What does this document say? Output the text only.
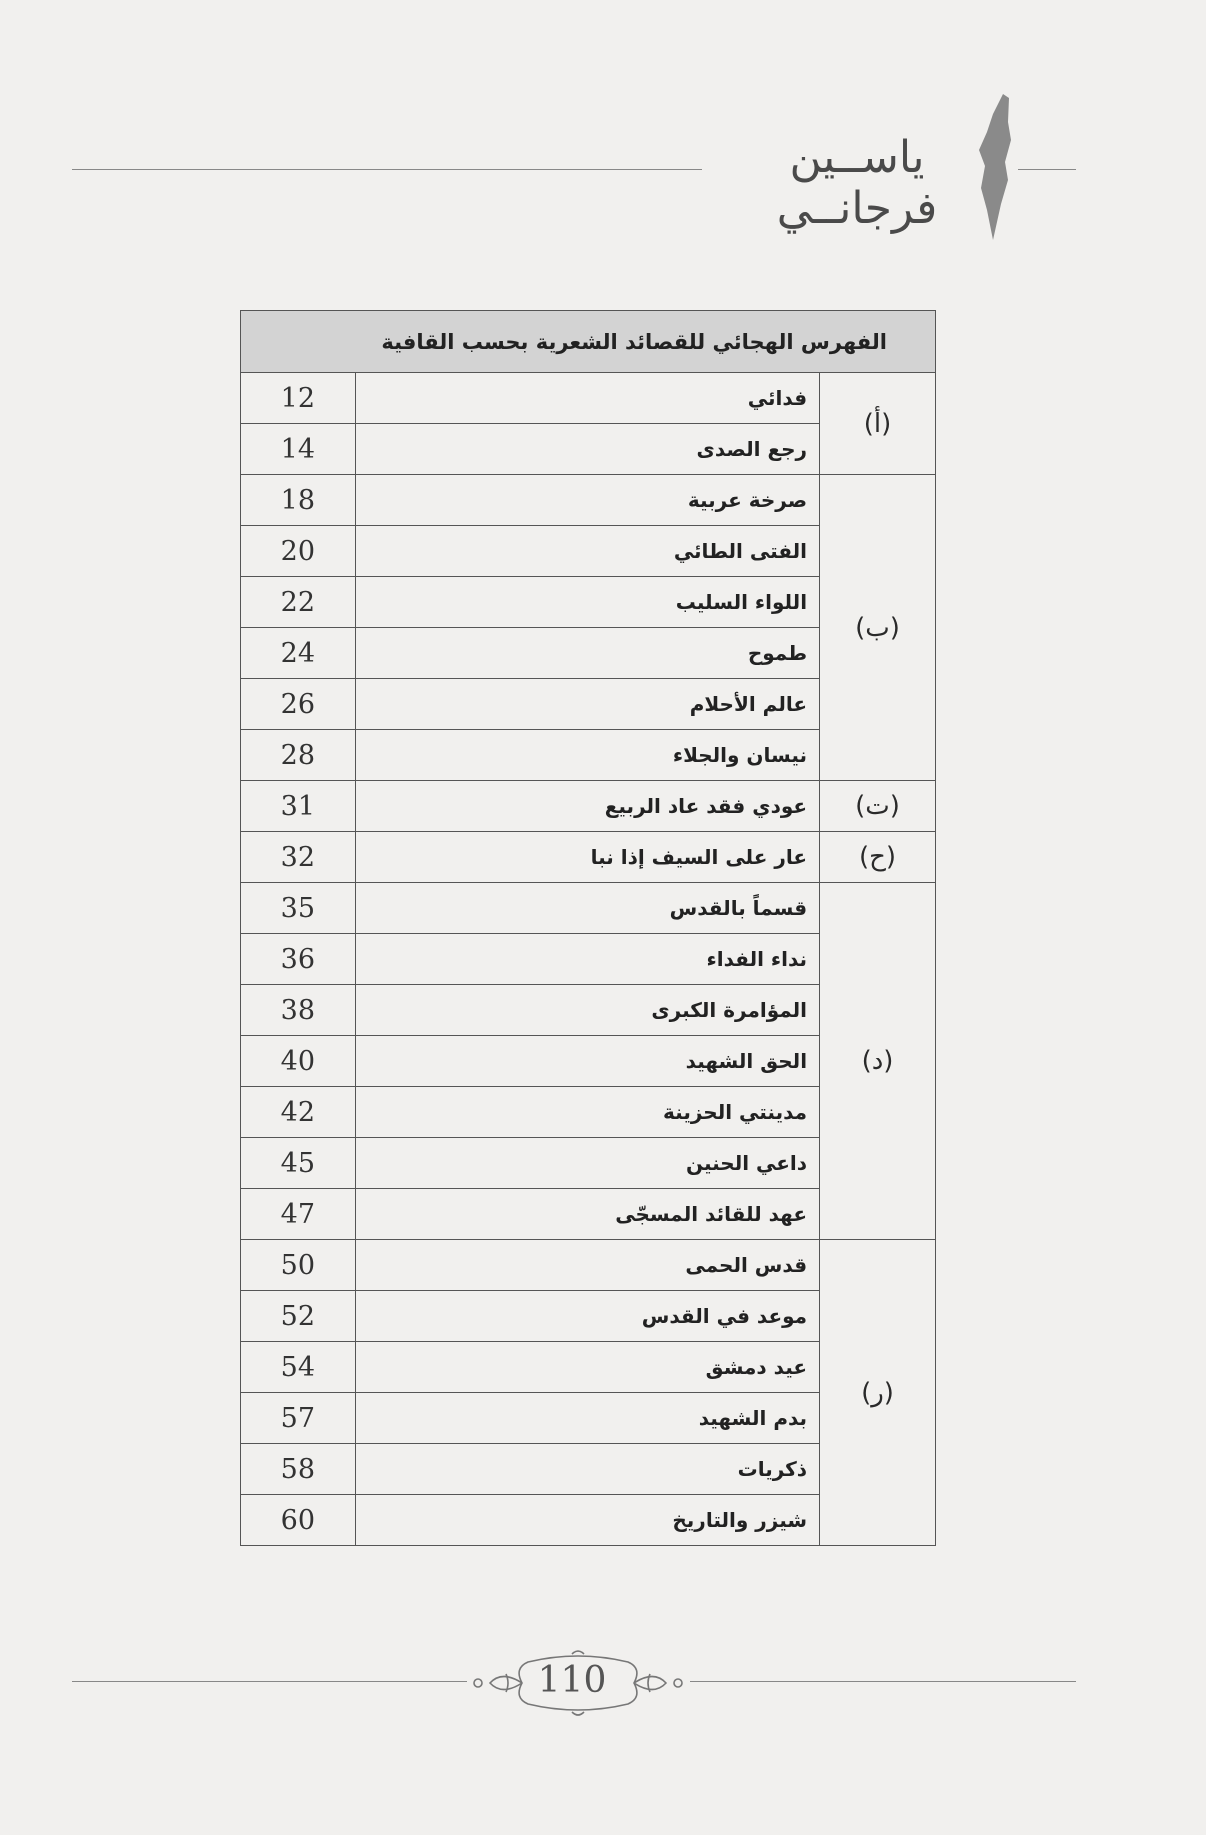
ياســين فرجانــي
الفهرس الهجائي للقصائد الشعرية بحسب القافية		
(أ)	فدائي	12
	رجع الصدى	14
(ب)	صرخة عربية	18
	الفتى الطائي	20
	اللواء السليب	22
	طموح	24
	عالم الأحلام	26
	نيسان والجلاء	28
(ت)	عودي فقد عاد الربيع	31
(ح)	عار على السيف إذا نبا	32
(د)	قسماً بالقدس	35
	نداء الفداء	36
	المؤامرة الكبرى	38
	الحق الشهيد	40
	مدينتي الحزينة	42
	داعي الحنين	45
	عهد للقائد المسجّى	47
(ر)	قدس الحمى	50
	موعد في القدس	52
	عيد دمشق	54
	بدم الشهيد	57
	ذكريات	58
	شيزر والتاريخ	60
110
